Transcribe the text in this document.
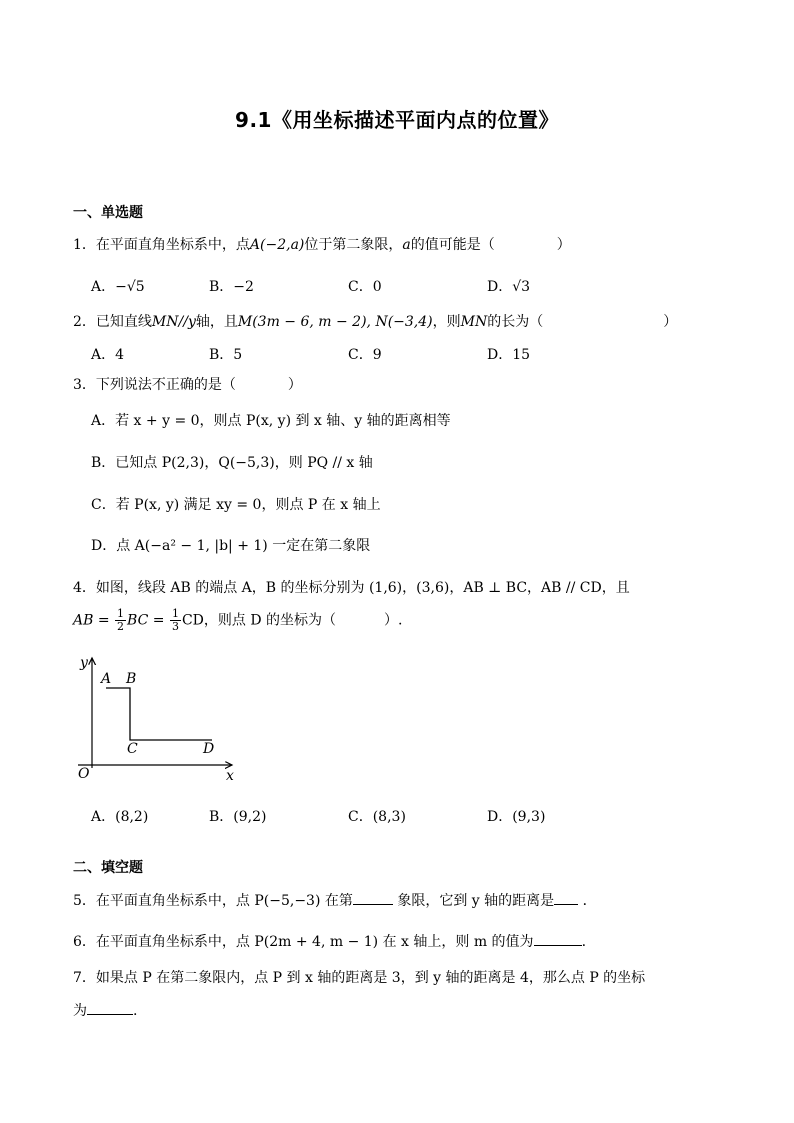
9.1《用坐标描述平面内点的位置》
一、单选题
1．在平面直角坐标系中，点A(−2,a)位于第二象限，a的值可能是（	）
A．−√5	B．−2	C．0	D．√3
2．已知直线MN//y轴，且M(3m − 6, m − 2), N(−3,4)，则MN的长为（	）
A．4	B．5	C．9	D．15
3．下列说法不正确的是（	）
A．若 x + y = 0，则点 P(x, y) 到 x 轴、y 轴的距离相等
B．已知点 P(2,3)，Q(−5,3)，则 PQ // x 轴
C．若 P(x, y) 满足 xy = 0，则点 P 在 x 轴上
D．点 A(−a² − 1, |b| + 1) 一定在第二象限
4．如图，线段 AB 的端点 A，B 的坐标分别为 (1,6)，(3,6)，AB ⊥ BC，AB // CD，且
AB = $\frac{1}{2}$ BC = $\frac{1}{3}$ CD，则点 D 的坐标为（	）.
y
x
O
A B
C	D
A．(8,2)	B．(9,2)	C．(8,3)	D．(9,3)
二、填空题
5．在平面直角坐标系中，点 P(−5,−3) 在第	象限，它到 y 轴的距离是 ．
6．在平面直角坐标系中，点 P(2m + 4, m − 1) 在 x 轴上，则 m 的值为	.
7．如果点 P 在第二象限内，点 P 到 x 轴的距离是 3，到 y 轴的距离是 4，那么点 P 的坐标
为	.
